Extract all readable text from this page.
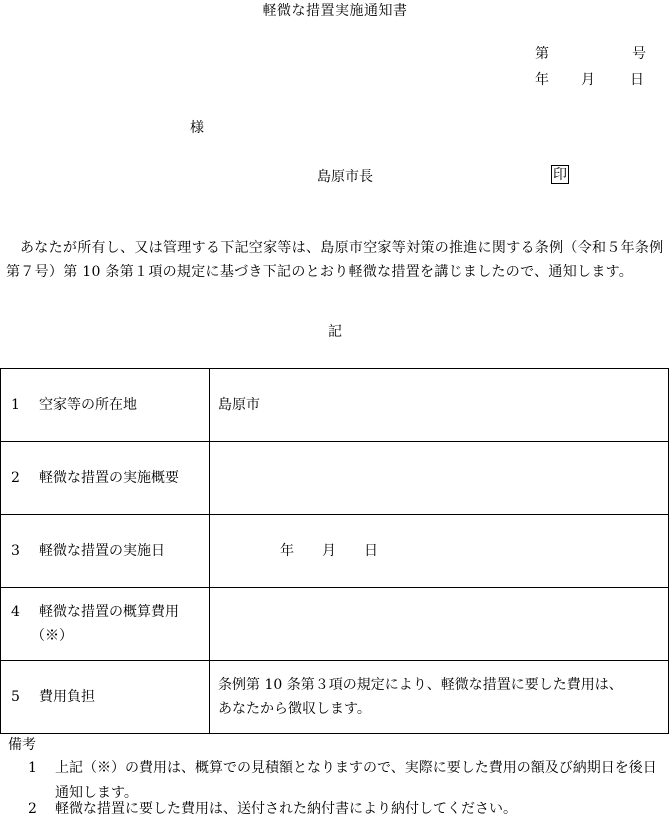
軽微な措置実施通知書
第	号
年 月	日
様
島原市長	印
あなたが所有し、又は管理する下記空家等は、島原市空家等対策の推進に関する条例（令和５年条例第７号）第 10 条第１項の規定に基づき下記のとおり軽微な措置を講じましたので、通知します。
記
1 空家等の所在地	島原市
2 軽微な措置の実施概要	
3 軽微な措置の実施日	年　　月　　日
4 軽微な措置の概算費用
（※）	

5 費用負担	条例第 10 条第３項の規定により、軽微な措置に要した費用は、
あなたから徴収します。
備考
1	上記（※）の費用は、概算での見積額となりますので、実際に要した費用の額及び納期日を後日通知します。
2	軽微な措置に要した費用は、送付された納付書により納付してください。
